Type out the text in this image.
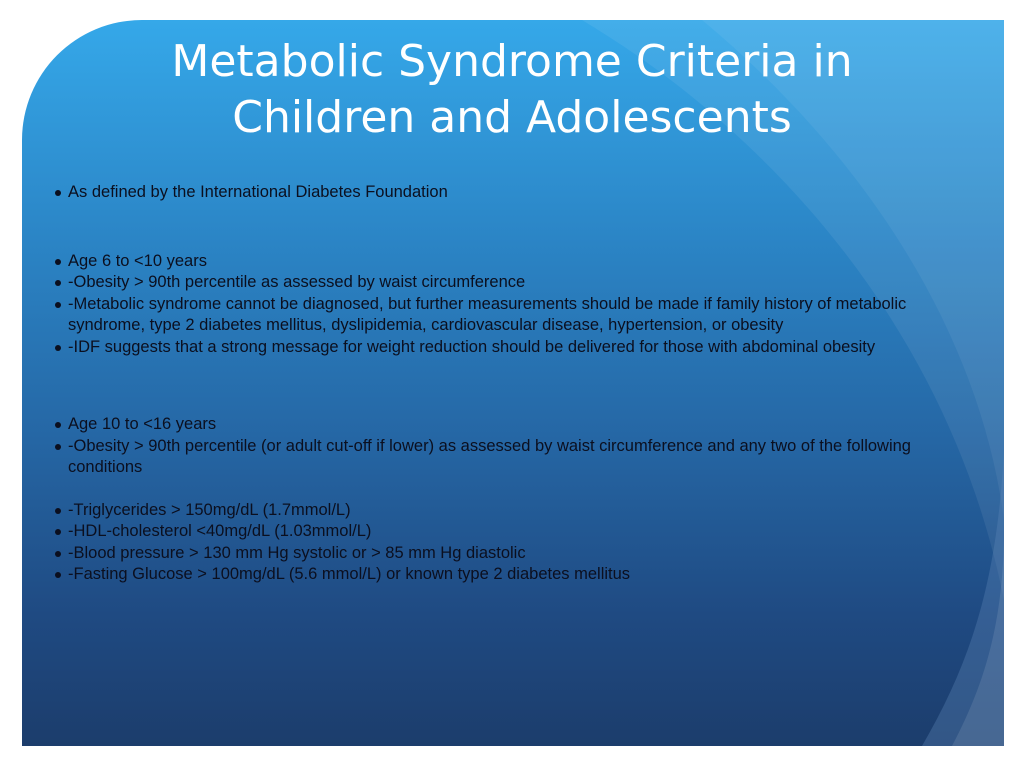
Metabolic Syndrome Criteria in Children and Adolescents
As defined by the International Diabetes Foundation
Age 6 to <10 years
-Obesity > 90th percentile as assessed by waist circumference
-Metabolic syndrome cannot be diagnosed, but further measurements should be made if family history of metabolic syndrome, type 2 diabetes mellitus, dyslipidemia, cardiovascular disease, hypertension, or obesity
-IDF suggests that a strong message for weight reduction should be delivered for those with abdominal obesity
Age 10 to <16 years
-Obesity > 90th percentile (or adult cut-off if lower) as assessed by waist circumference and any two of the following conditions
-Triglycerides > 150mg/dL (1.7mmol/L)
-HDL-cholesterol <40mg/dL (1.03mmol/L)
-Blood pressure > 130 mm Hg systolic or > 85 mm Hg diastolic
-Fasting Glucose > 100mg/dL (5.6 mmol/L) or known type 2 diabetes mellitus
